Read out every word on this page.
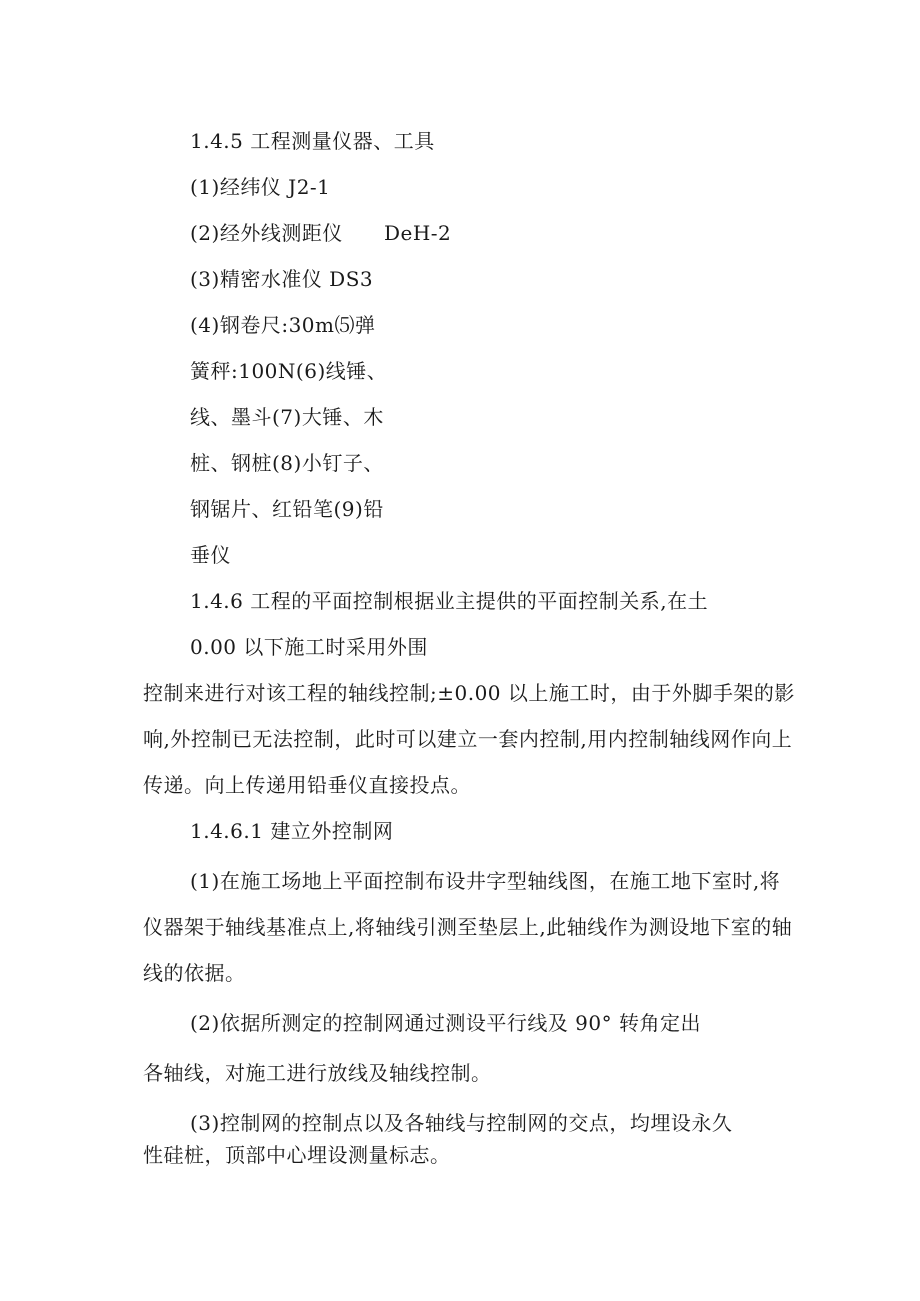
1.4.5 工程测量仪器、工具
(1)经纬仪 J2-1
(2)经外线测距仪      DeH-2
(3)精密水准仪 DS3
(4)钢卷尺:30m⑸弹
簧秤:100N(6)线锤、
线、墨斗(7)大锤、木
桩、钢桩(8)小钉子、
钢锯片、红铅笔(9)铅
垂仪
1.4.6 工程的平面控制根据业主提供的平面控制关系,在土
0.00 以下施工时采用外围
控制来进行对该工程的轴线控制;±0.00 以上施工时，由于外脚手架的影
响,外控制已无法控制，此时可以建立一套内控制,用内控制轴线网作向上
传递。向上传递用铅垂仪直接投点。
1.4.6.1 建立外控制网
(1)在施工场地上平面控制布设井字型轴线图，在施工地下室时,将
仪器架于轴线基准点上,将轴线引测至垫层上,此轴线作为测设地下室的轴
线的依据。
(2)依据所测定的控制网通过测设平行线及 90° 转角定出
各轴线，对施工进行放线及轴线控制。
(3)控制网的控制点以及各轴线与控制网的交点，均埋设永久
性硅桩，顶部中心埋设测量标志。
